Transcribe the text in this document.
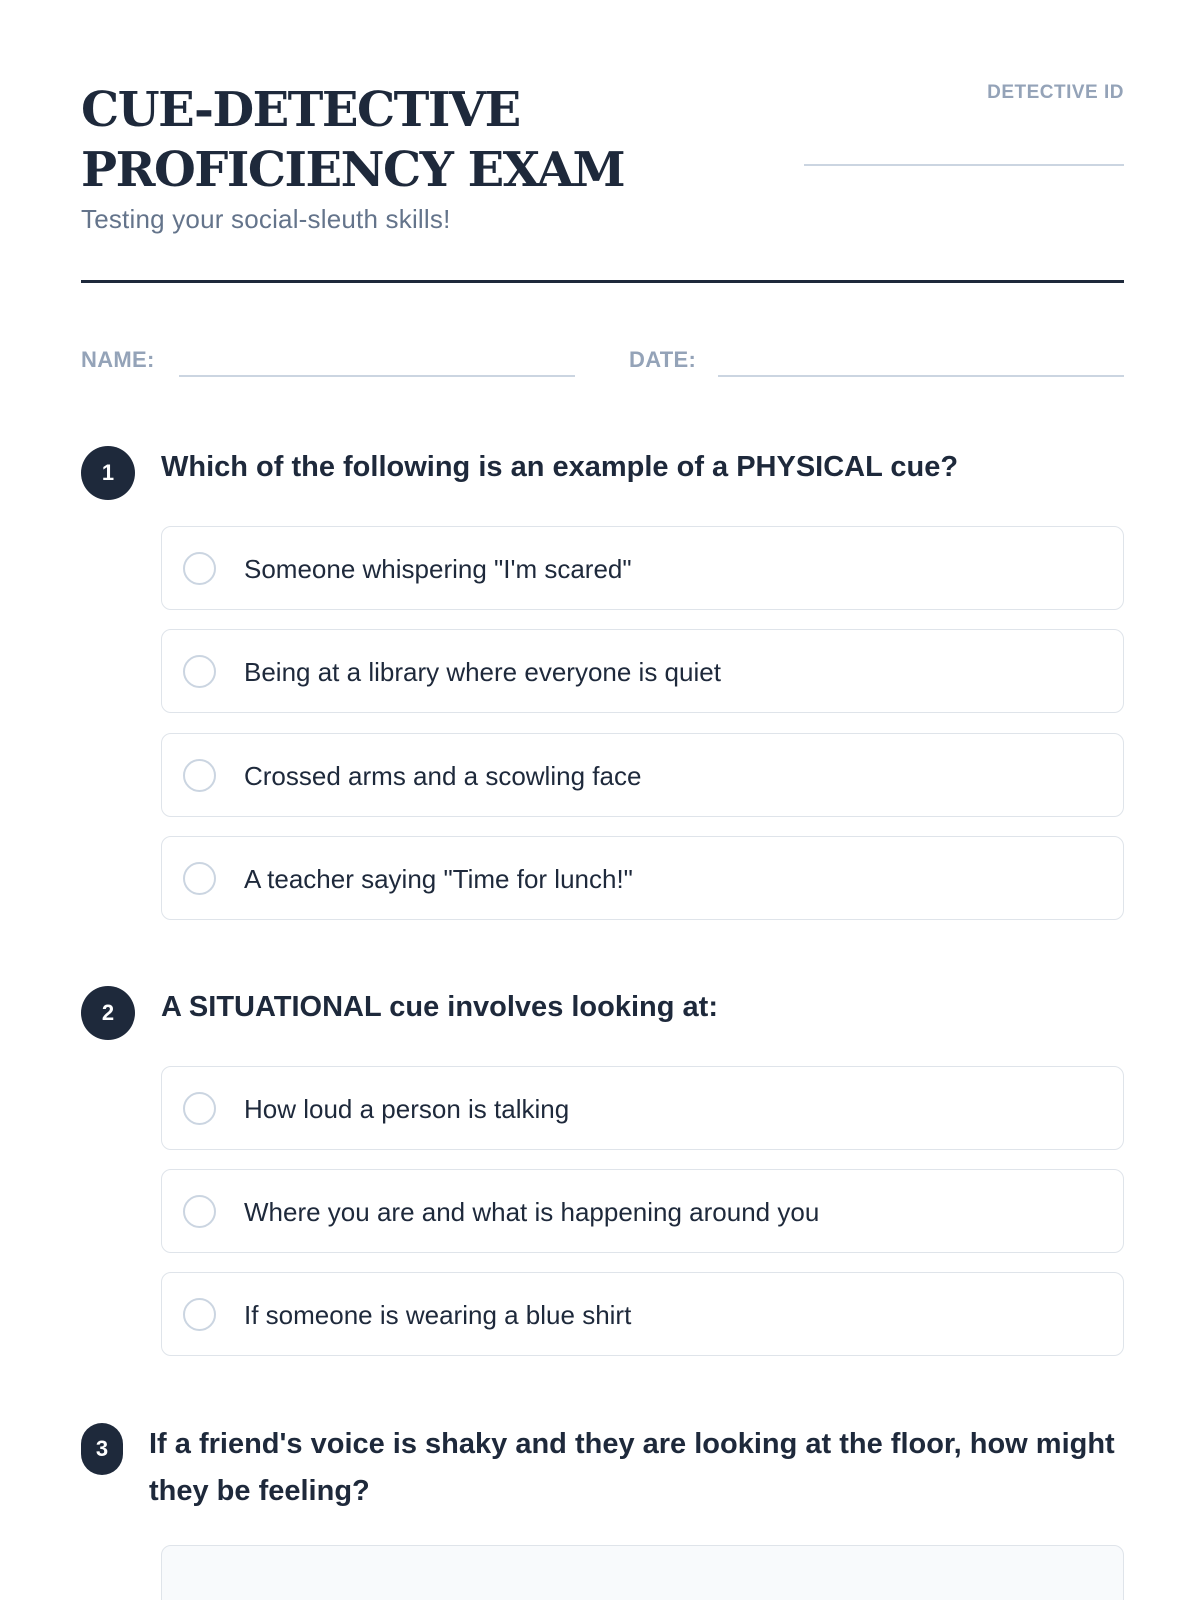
CUE-DETECTIVE PROFICIENCY EXAM
Testing your social-sleuth skills!
DETECTIVE ID
NAME:	DATE:
1	Which of the following is an example of a PHYSICAL cue?
Someone whispering "I'm scared"
Being at a library where everyone is quiet
Crossed arms and a scowling face
A teacher saying "Time for lunch!"
2	A SITUATIONAL cue involves looking at:
How loud a person is talking
Where you are and what is happening around you
If someone is wearing a blue shirt
3	If a friend's voice is shaky and they are looking at the floor, how might they be feeling?
